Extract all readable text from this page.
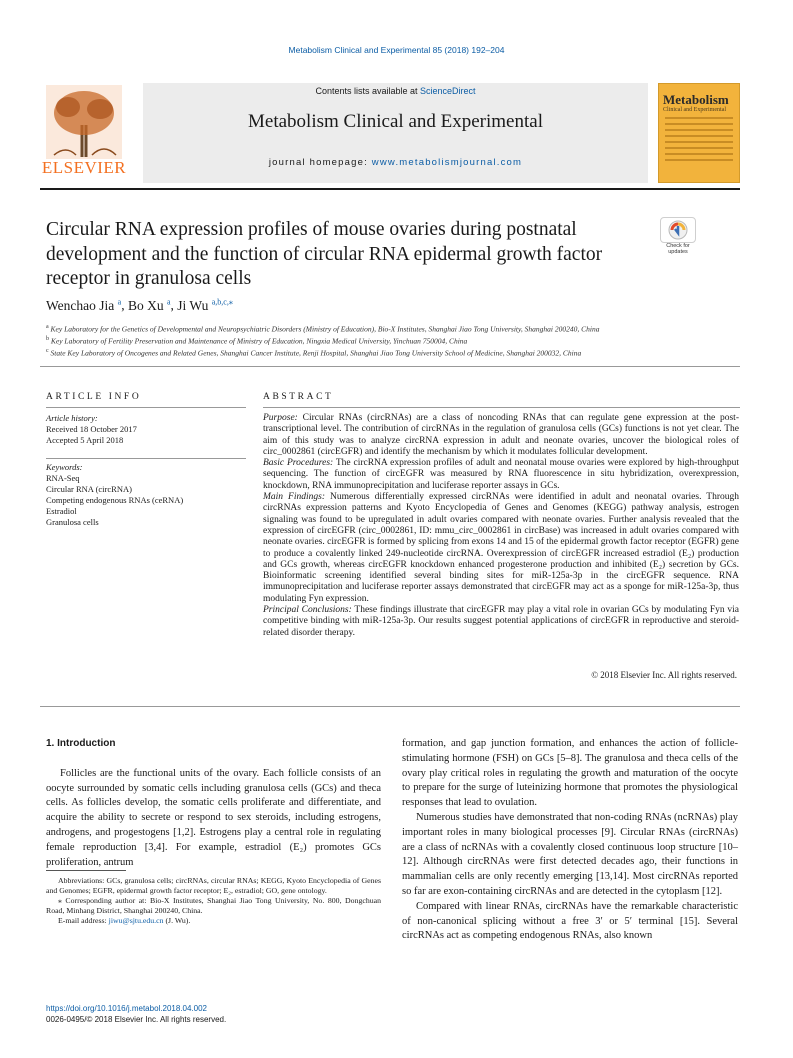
Metabolism Clinical and Experimental 85 (2018) 192–204
ELSEVIER
Contents lists available at ScienceDirect
Metabolism Clinical and Experimental
journal homepage: www.metabolismjournal.com
Metabolism
Clinical and Experimental
Circular RNA expression profiles of mouse ovaries during postnatal development and the function of circular RNA epidermal growth factor receptor in granulosa cells
Check for updates
Wenchao Jia $^a$, Bo Xu $^a$, Ji Wu $^{a,b,c,⁎}$
$^a$ Key Laboratory for the Genetics of Developmental and Neuropsychiatric Disorders (Ministry of Education), Bio-X Institutes, Shanghai Jiao Tong University, Shanghai 200240, China
$^b$ Key Laboratory of Fertility Preservation and Maintenance of Ministry of Education, Ningxia Medical University, Yinchuan 750004, China
$^c$ State Key Laboratory of Oncogenes and Related Genes, Shanghai Cancer Institute, Renji Hospital, Shanghai Jiao Tong University School of Medicine, Shanghai 200032, China
ARTICLE INFO
Article history:
Received 18 October 2017
Accepted 5 April 2018
Keywords:
RNA-Seq
Circular RNA (circRNA)
Competing endogenous RNAs (ceRNA)
Estradiol
Granulosa cells
ABSTRACT

Purpose: Circular RNAs (circRNAs) are a class of noncoding RNAs that can regulate gene expression at the post-transcriptional level. The contribution of circRNAs in the regulation of granulosa cells (GCs) functions is not yet clear. The aim of this study was to analyze circRNA expression in adult and neonate ovaries, uncover the biological roles of circ_0002861 (circEGFR) and identify the mechanism by which it modulates follicular development.

Basic Procedures: The circRNA expression profiles of adult and neonatal mouse ovaries were explored by high-throughput sequencing. The function of circEGFR was measured by RNA fluorescence in situ hybridization, overexpression, knockdown, RNA immunoprecipitation and luciferase reporter assays in GCs.

Main Findings: Numerous differentially expressed circRNAs were identified in adult and neonatal ovaries. Through circRNAs expression patterns and Kyoto Encyclopedia of Genes and Genomes (KEGG) pathway analysis, estrogen signaling was found to be upregulated in adult ovaries compared with neonate ovaries. Further analysis revealed that the expression of circEGFR (circ_0002861, ID: mmu_circ_0002861 in circBase) was increased in adult ovaries compared with neonate ovaries. circEGFR is formed by splicing from exons 14 and 15 of the epidermal growth factor receptor (EGFR) gene to produce a covalently linked 249-nucleotide circRNA. Overexpression of circEGFR increased estradiol (E₂) production and GCs growth, whereas circEGFR knockdown enhanced progesterone production and inhibited (E₂) secretion by GCs. Bioinformatic screening identified several binding sites for miR-125a-3p in the circEGFR sequence. RNA immunoprecipitation and luciferase reporter assays demonstrated that circEGFR may act as a sponge for miR-125a-3p, thus modulating Fyn expression.

Principal Conclusions: These findings illustrate that circEGFR may play a vital role in ovarian GCs by modulating Fyn via competitive binding with miR-125a-3p. Our results suggest potential applications of circEGFR in reproductive and steroid-related disorder therapy.

© 2018 Elsevier Inc. All rights reserved.
1. Introduction

Follicles are the functional units of the ovary. Each follicle consists of an oocyte surrounded by somatic cells including granulosa cells (GCs) and theca cells. As follicles develop, the somatic cells proliferate and differentiate, and acquire the ability to secrete or respond to sex steroids, including estrogens, androgens, and progestogens [1,2]. Estrogens play a central role in regulating female reproduction [3,4]. For example, estradiol (E₂) promotes GCs proliferation, antrum

formation, and gap junction formation, and enhances the action of follicle-stimulating hormone (FSH) on GCs [5–8]. The granulosa and theca cells of the ovary play critical roles in regulating the growth and maturation of the oocyte to prepare for the surge of luteinizing hormone that promotes the physiological responses that lead to ovulation.

Numerous studies have demonstrated that non-coding RNAs (ncRNAs) play important roles in many biological processes [9]. Circular RNAs (circRNAs) are a class of ncRNAs with a covalently closed continuous loop structure [10–12]. Although circRNAs were first detected decades ago, their functions in mammalian cells are only recently emerging [13,14]. Most circRNAs reported so far are exon-containing circRNAs and are detected in the cytoplasm [12].

Compared with linear RNAs, circRNAs have the remarkable characteristic of non-canonical splicing without a free 3′ or 5′ terminal [15]. Several circRNAs act as competing endogenous RNAs, also known

Abbreviations: GCs, granulosa cells; circRNAs, circular RNAs; KEGG, Kyoto Encyclopedia of Genes and Genomes; EGFR, epidermal growth factor receptor; E₂, estradiol; GO, gene ontology.

⁎ Corresponding author at: Bio-X Institutes, Shanghai Jiao Tong University, No. 800, Dongchuan Road, Minhang District, Shanghai 200240, China.

E-mail address: jiwu@sjtu.edu.cn (J. Wu).

https://doi.org/10.1016/j.metabol.2018.04.002
0026-0495/© 2018 Elsevier Inc. All rights reserved.
